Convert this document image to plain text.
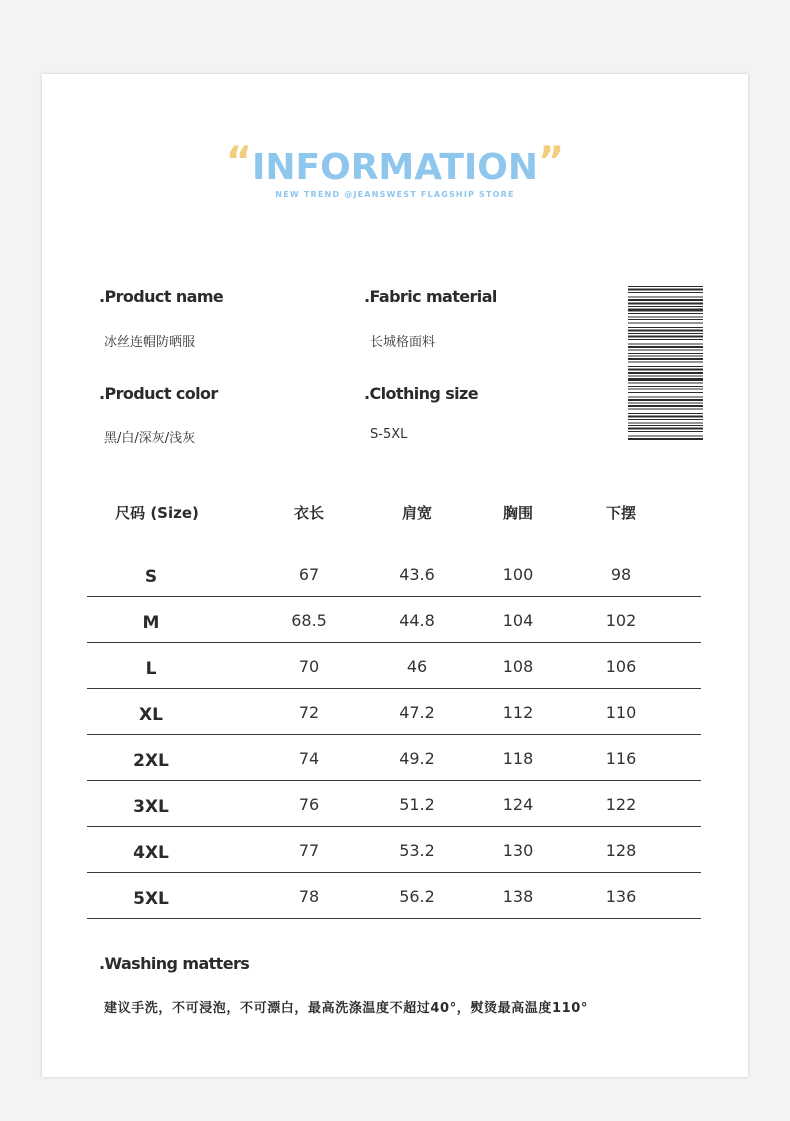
“INFORMATION”
NEW TREND @JEANSWEST FLAGSHIP STORE
.Product name
冰丝连帽防晒服
.Fabric material
长城格面料
.Product color
黑/白/深灰/浅灰
.Clothing size
S-5XL
尺码 (Size)	衣长	肩宽	胸围	下摆
S	67	43.6	100	98
M	68.5	44.8	104	102
L	70	46	108	106
XL	72	47.2	112	110
2XL	74	49.2	118	116
3XL	76	51.2	124	122
4XL	77	53.2	130	128
5XL	78	56.2	138	136
.Washing matters
建议手洗，不可浸泡，不可漂白，最高洗涤温度不超过40°，熨烫最高温度110°
